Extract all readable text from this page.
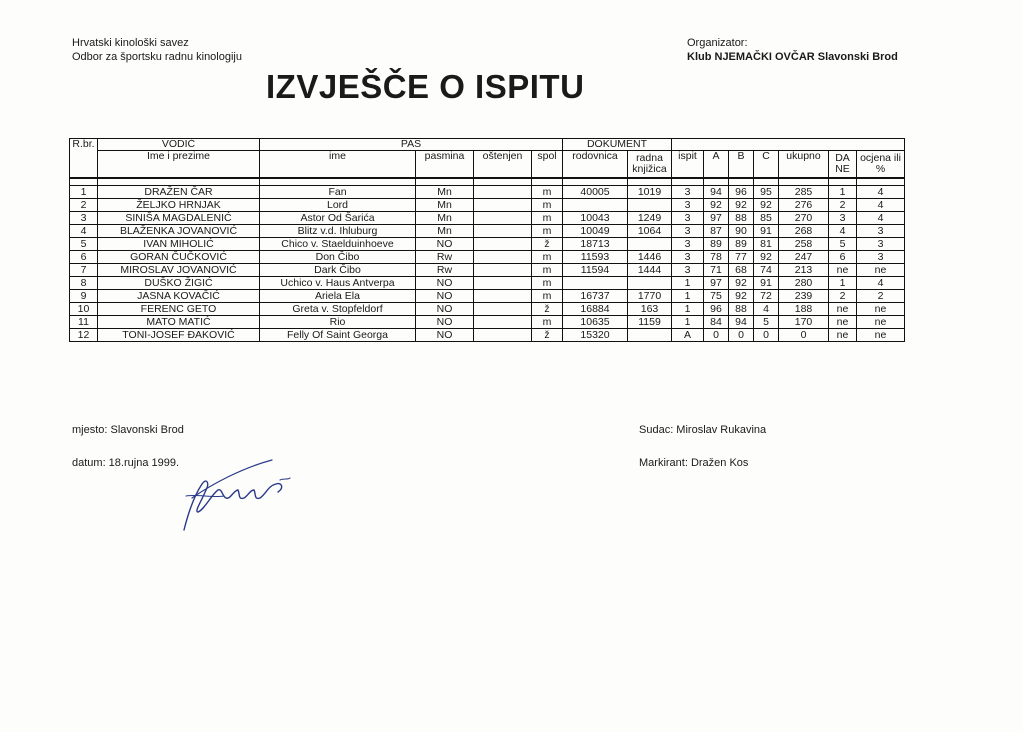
Hrvatski kinološki savez
Odbor za športsku radnu kinologiju
Organizator:
Klub NJEMAČKI OVČAR Slavonski Brod
IZVJEŠČE O ISPITU
R.br.	VODIČ	PAS				DOKUMENT								
	Ime i prezime	ime	pasmina	oštenjen	spol	rodovnica	radna knjižica	ispit	A	B	C	ukupno	DA NE	ocjena ili %

1	DRAŽEN ČAR	Fan	Mn		m	40005	1019	3	94	96	95	285	1	4
2	ŽELJKO HRNJAK	Lord	Mn		m			3	92	92	92	276	2	4
3	SINIŠA MAGDALENIĆ	Astor Od Šarića	Mn		m	10043	1249	3	97	88	85	270	3	4
4	BLAŽENKA JOVANOVIĆ	Blitz v.d. Ihluburg	Mn		m	10049	1064	3	87	90	91	268	4	3
5	IVAN MIHOLIĆ	Chico v. Staelduinhoeve	NO		ž	18713		3	89	89	81	258	5	3
6	GORAN ČUČKOVIĆ	Don Čibo	Rw		m	11593	1446	3	78	77	92	247	6	3
7	MIROSLAV JOVANOVIĆ	Dark Čibo	Rw		m	11594	1444	3	71	68	74	213	ne	ne
8	DUŠKO ŽIGIĆ	Uchico v. Haus Antverpa	NO		m			1	97	92	91	280	1	4
9	JASNA KOVAČIĆ	Ariela Ela	NO		m	16737	1770	1	75	92	72	239	2	2
10	FERENC GETO	Greta v. Stopfeldorf	NO		ž	16884	163	1	96	88	4	188	ne	ne
11	MATO MATIĆ	Rio	NO		m	10635	1159	1	84	94	5	170	ne	ne
12	TONI-JOSEF ĐAKOVIĆ	Felly Of Saint Georga	NO		ž	15320		A	0	0	0	0	ne	ne
mjesto: Slavonski Brod
datum: 18.rujna 1999.
Sudac: Miroslav Rukavina
Markirant: Dražen Kos
